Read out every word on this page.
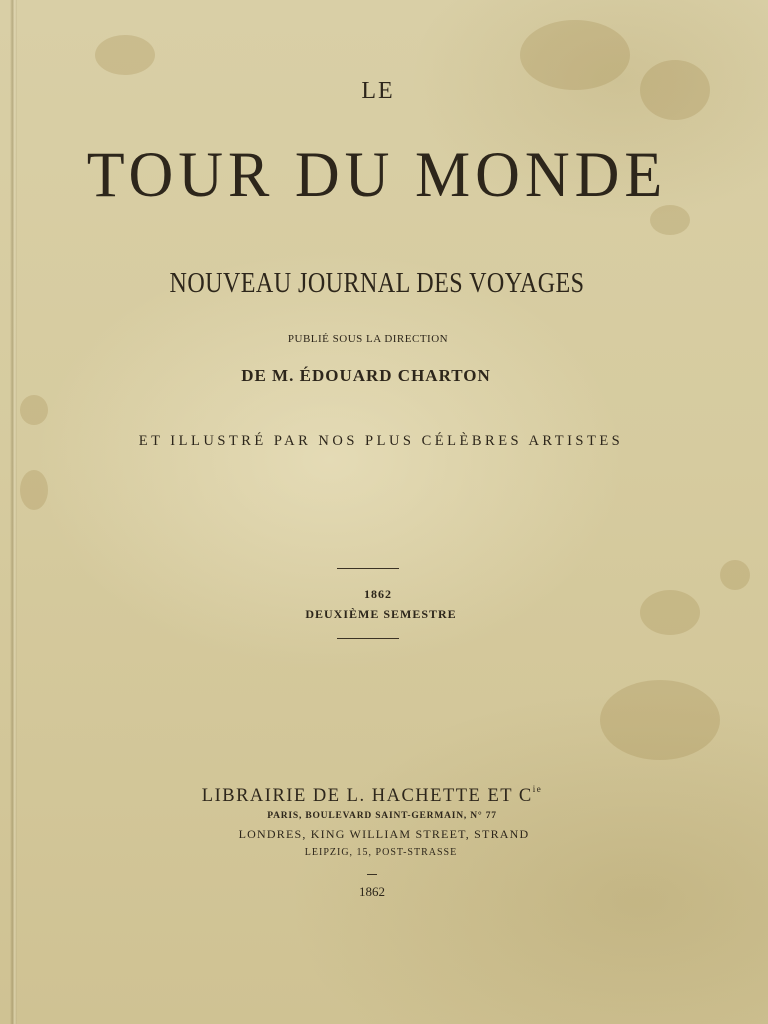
LE
TOUR DU MONDE
NOUVEAU JOURNAL DES VOYAGES
PUBLIÉ SOUS LA DIRECTION
DE M. ÉDOUARD CHARTON
ET ILLUSTRÉ PAR NOS PLUS CÉLÈBRES ARTISTES
1862
DEUXIÈME SEMESTRE
LIBRAIRIE DE L. HACHETTE ET $C^{ie}$
PARIS, BOULEVARD SAINT-GERMAIN, N° 77
LONDRES, KING WILLIAM STREET, STRAND
LEIPZIG, 15, POST-STRASSE
1862
